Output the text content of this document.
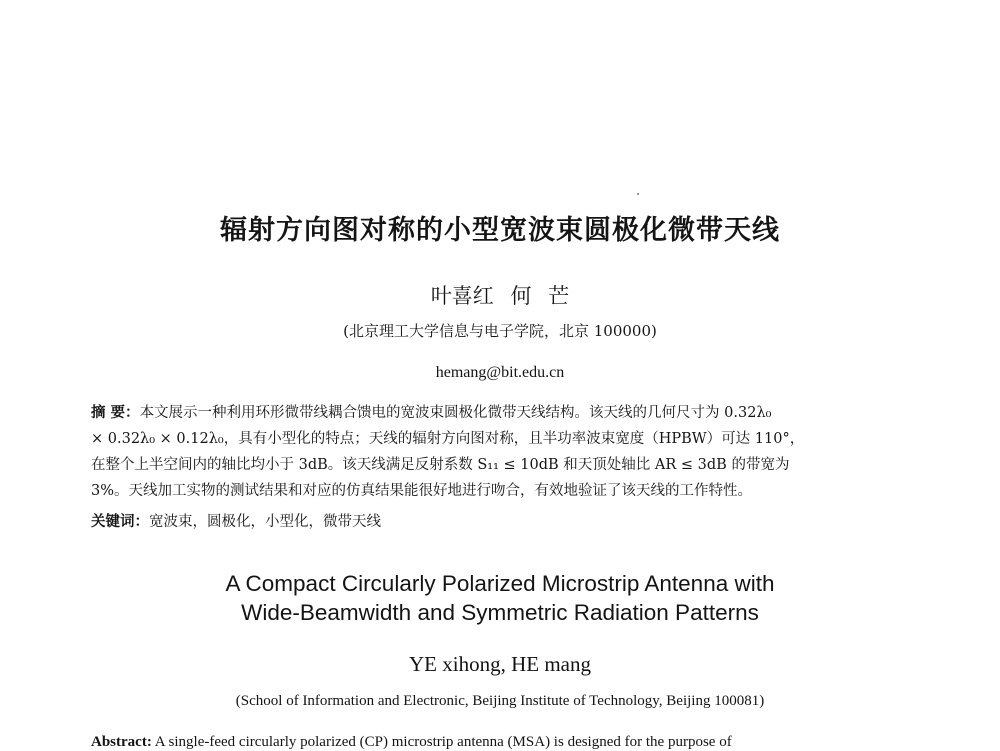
辐射方向图对称的小型宽波束圆极化微带天线
叶喜红 何 芒
(北京理工大学信息与电子学院，北京 100000)
hemang@bit.edu.cn
摘 要：本文展示一种利用环形微带线耦合馈电的宽波束圆极化微带天线结构。该天线的几何尺寸为 0.32λ₀
× 0.32λ₀ × 0.12λ₀，具有小型化的特点；天线的辐射方向图对称，且半功率波束宽度（HPBW）可达 110°，
在整个上半空间内的轴比均小于 3dB。该天线满足反射系数 S₁₁ ≤ 10dB 和天顶处轴比 AR ≤ 3dB 的带宽为
3%。天线加工实物的测试结果和对应的仿真结果能很好地进行吻合，有效地验证了该天线的工作特性。
关键词：宽波束，圆极化，小型化，微带天线
A Compact Circularly Polarized Microstrip Antenna with
Wide-Beamwidth and Symmetric Radiation Patterns
YE xihong, HE mang
(School of Information and Electronic, Beijing Institute of Technology, Beijing 100081)
Abstract: A single-feed circularly polarized (CP) microstrip antenna (MSA) is designed for the purpose of
